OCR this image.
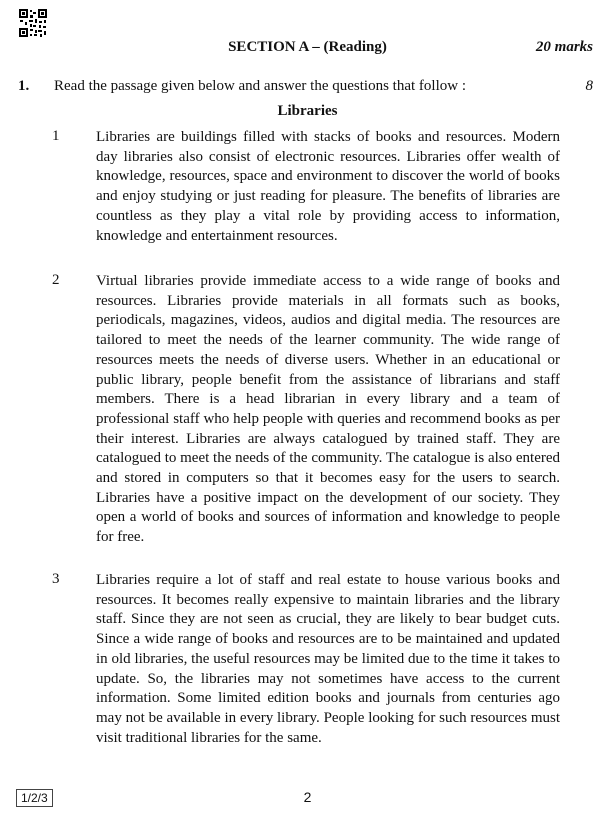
SECTION A – (Reading)	20 marks
1. Read the passage given below and answer the questions that follow :	8
Libraries
1 Libraries are buildings filled with stacks of books and resources. Modern day libraries also consist of electronic resources. Libraries offer wealth of knowledge, resources, space and environment to discover the world of books and enjoy studying or just reading for pleasure. The benefits of libraries are countless as they play a vital role by providing access to information, knowledge and entertainment resources.

2 Virtual libraries provide immediate access to a wide range of books and resources. Libraries provide materials in all formats such as books, periodicals, magazines, videos, audios and digital media. The resources are tailored to meet the needs of the learner community. The wide range of resources meets the needs of diverse users. Whether in an educational or public library, people benefit from the assistance of librarians and staff members. There is a head librarian in every library and a team of professional staff who help people with queries and recommend books as per their interest. Libraries are always catalogued by trained staff. They are catalogued to meet the needs of the community. The catalogue is also entered and stored in computers so that it becomes easy for the users to search. Libraries have a positive impact on the development of our society. They open a world of books and sources of information and knowledge to people for free.

3 Libraries require a lot of staff and real estate to house various books and resources. It becomes really expensive to maintain libraries and the library staff. Since they are not seen as crucial, they are likely to bear budget cuts. Since a wide range of books and resources are to be maintained and updated in old libraries, the useful resources may be limited due to the time it takes to update. So, the libraries may not sometimes have access to the current information. Some limited edition books and journals from centuries ago may not be available in every library. People looking for such resources must visit traditional libraries for the same.

1/2/3	2
